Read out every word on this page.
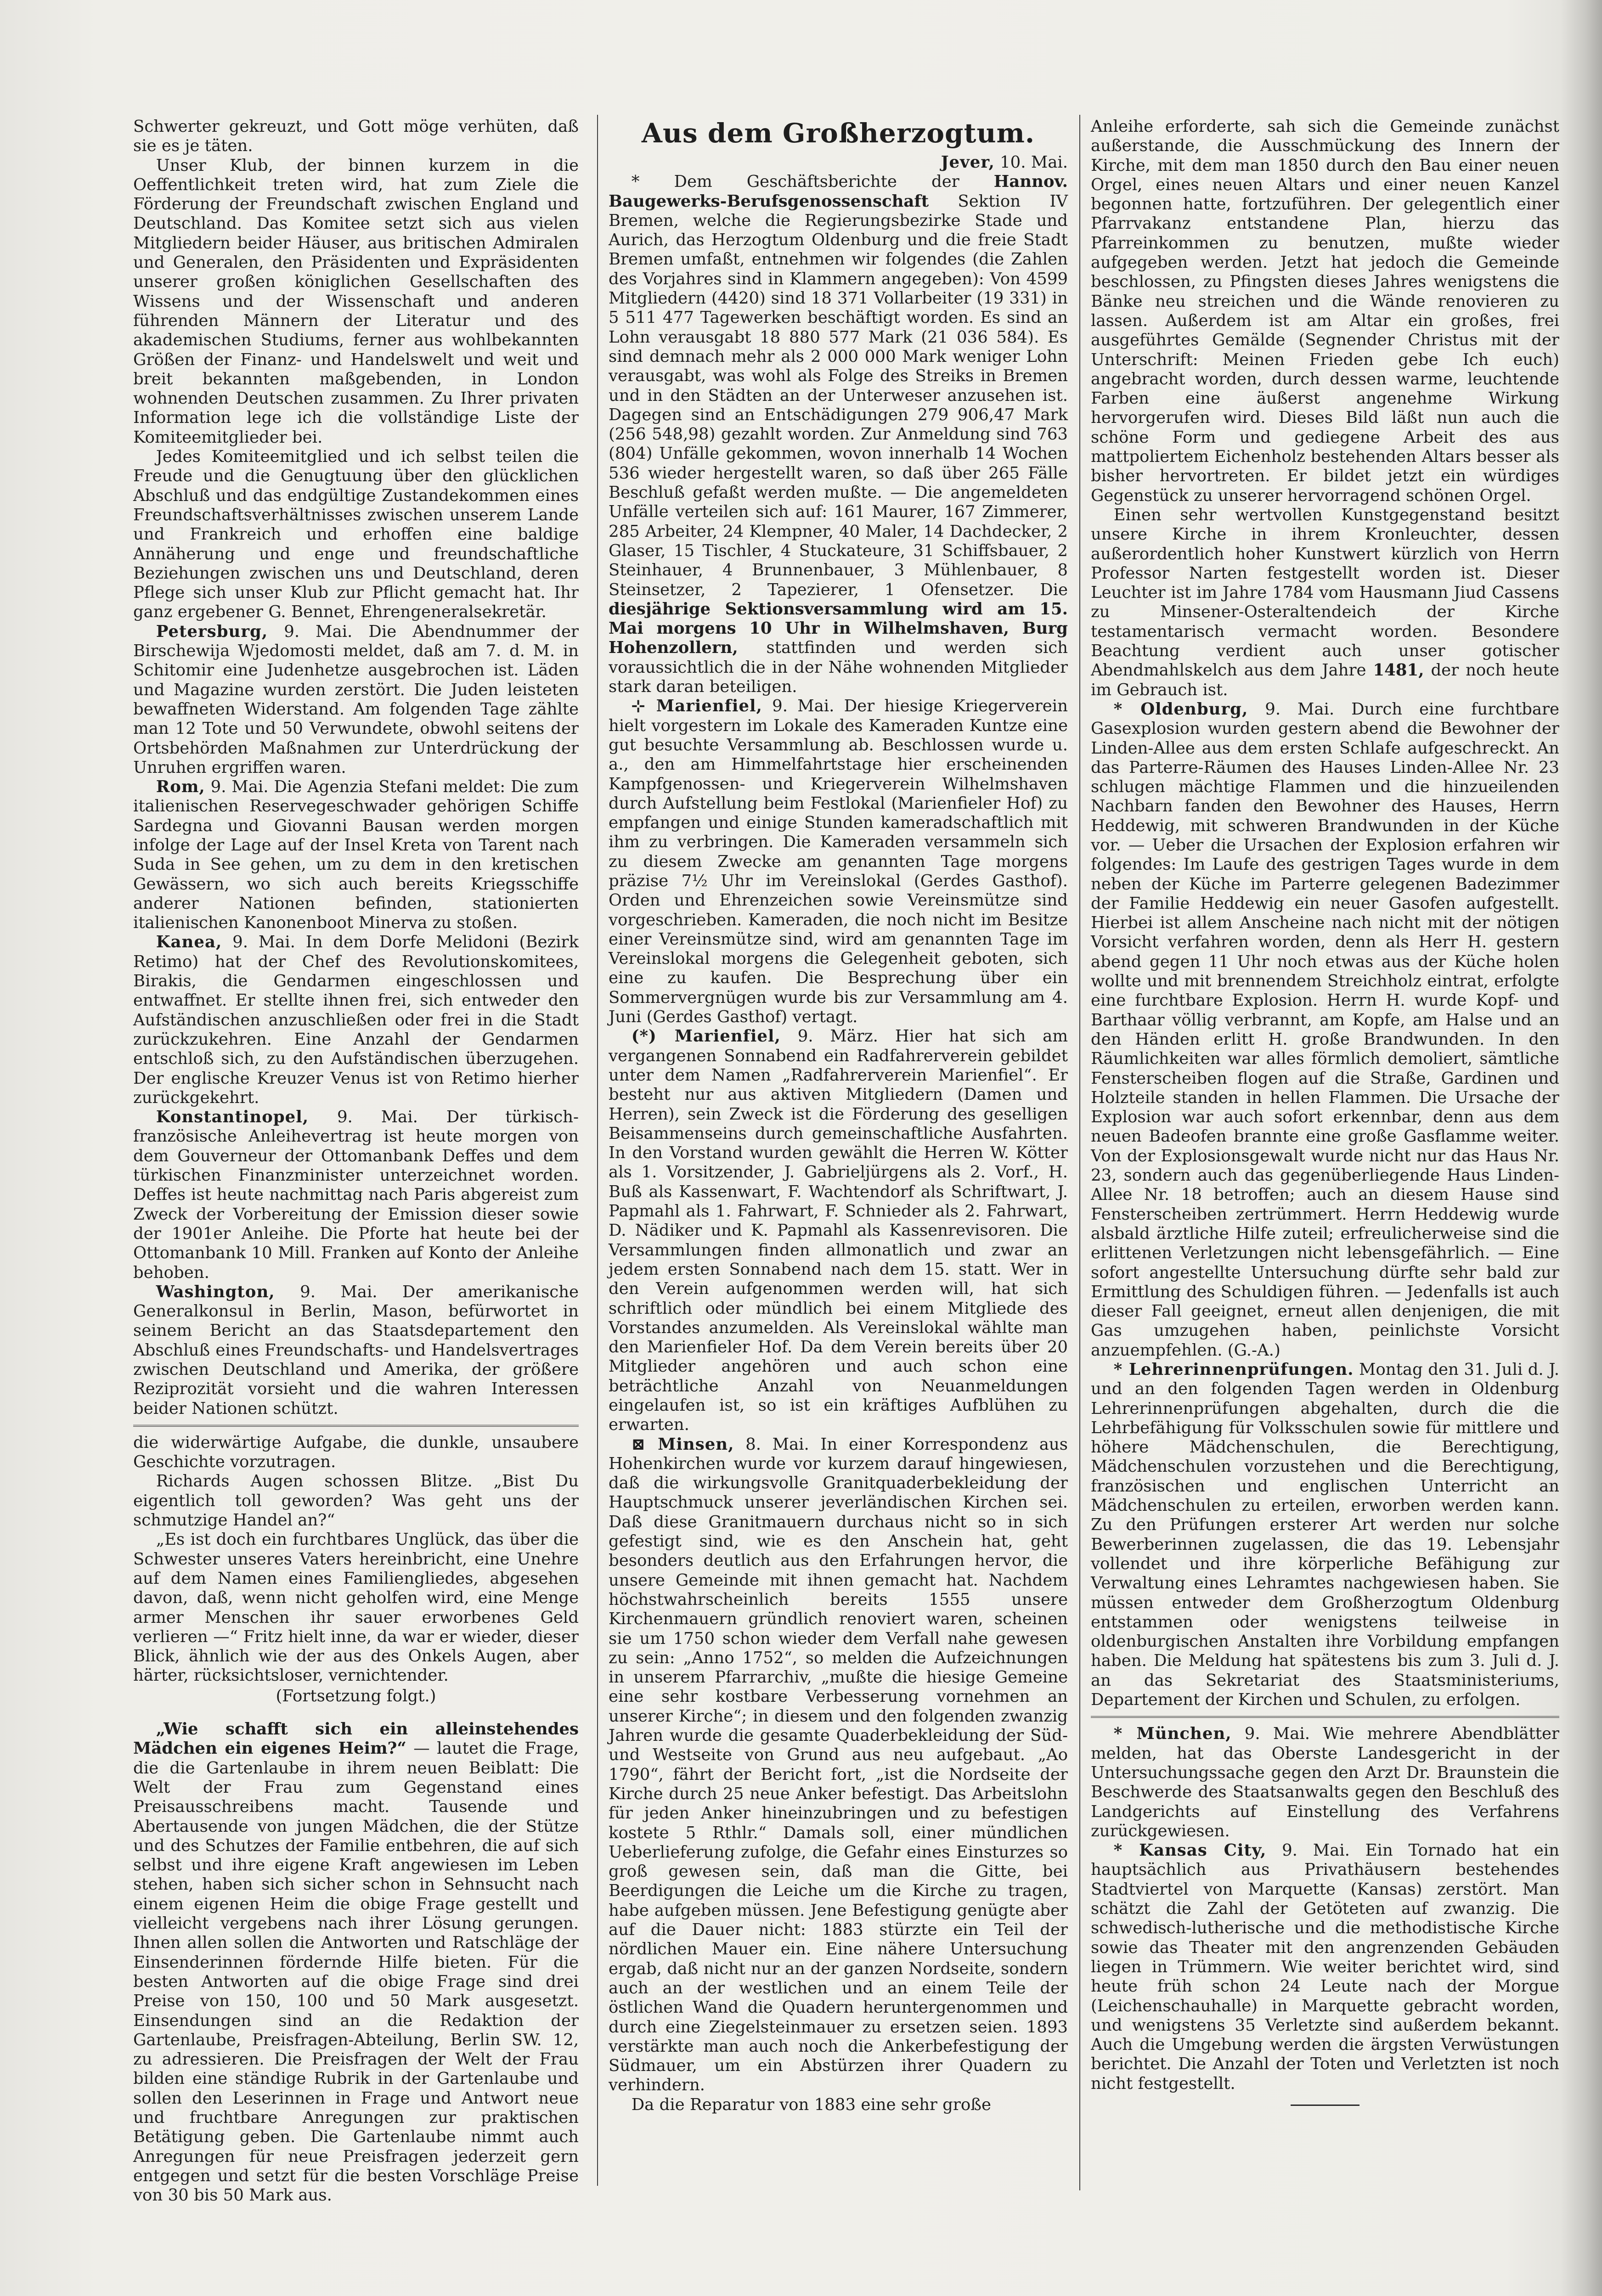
Schwerter gekreuzt, und Gott möge verhüten, daß sie es je täten.

Unser Klub, der binnen kurzem in die Oeffentlichkeit treten wird, hat zum Ziele die Förderung der Freundschaft zwischen England und Deutschland. Das Komitee setzt sich aus vielen Mitgliedern beider Häuser, aus britischen Admiralen und Generalen, den Präsidenten und Expräsidenten unserer großen königlichen Gesellschaften des Wissens und der Wissenschaft und anderen führenden Männern der Literatur und des akademischen Studiums, ferner aus wohlbekannten Größen der Finanz- und Handelswelt und weit und breit bekannten maßgebenden, in London wohnenden Deutschen zusammen. Zu Ihrer privaten Information lege ich die vollständige Liste der Komiteemitglieder bei.

Jedes Komiteemitglied und ich selbst teilen die Freude und die Genugtuung über den glücklichen Abschluß und das endgültige Zustandekommen eines Freundschaftsverhältnisses zwischen unserem Lande und Frankreich und erhoffen eine baldige Annäherung und enge und freundschaftliche Beziehungen zwischen uns und Deutschland, deren Pflege sich unser Klub zur Pflicht gemacht hat. Ihr ganz ergebener G. Bennet, Ehrengeneralsekretär.

Petersburg, 9. Mai. Die Abendnummer der Birschewija Wjedomosti meldet, daß am 7. d. M. in Schitomir eine Judenhetze ausgebrochen ist. Läden und Magazine wurden zerstört. Die Juden leisteten bewaffneten Widerstand. Am folgenden Tage zählte man 12 Tote und 50 Verwundete, obwohl seitens der Ortsbehörden Maßnahmen zur Unterdrückung der Unruhen ergriffen waren.

Rom, 9. Mai. Die Agenzia Stefani meldet: Die zum italienischen Reservegeschwader gehörigen Schiffe Sardegna und Giovanni Bausan werden morgen infolge der Lage auf der Insel Kreta von Tarent nach Suda in See gehen, um zu dem in den kretischen Gewässern, wo sich auch bereits Kriegsschiffe anderer Nationen befinden, stationierten italienischen Kanonenboot Minerva zu stoßen.

Kanea, 9. Mai. In dem Dorfe Melidoni (Bezirk Retimo) hat der Chef des Revolutionskomitees, Birakis, die Gendarmen eingeschlossen und entwaffnet. Er stellte ihnen frei, sich entweder den Aufständischen anzuschließen oder frei in die Stadt zurückzukehren. Eine Anzahl der Gendarmen entschloß sich, zu den Aufständischen überzugehen. Der englische Kreuzer Venus ist von Retimo hierher zurückgekehrt.

Konstantinopel, 9. Mai. Der türkisch-französische Anleihevertrag ist heute morgen von dem Gouverneur der Ottomanbank Deffes und dem türkischen Finanzminister unterzeichnet worden. Deffes ist heute nachmittag nach Paris abgereist zum Zweck der Vorbereitung der Emission dieser sowie der 1901er Anleihe. Die Pforte hat heute bei der Ottomanbank 10 Mill. Franken auf Konto der Anleihe behoben.

Washington, 9. Mai. Der amerikanische Generalkonsul in Berlin, Mason, befürwortet in seinem Bericht an das Staatsdepartement den Abschluß eines Freundschafts- und Handelsvertrages zwischen Deutschland und Amerika, der größere Reziprozität vorsieht und die wahren Interessen beider Nationen schützt.

die widerwärtige Aufgabe, die dunkle, unsaubere Geschichte vorzutragen.

Richards Augen schossen Blitze. „Bist Du eigentlich toll geworden? Was geht uns der schmutzige Handel an?“

„Es ist doch ein furchtbares Unglück, das über die Schwester unseres Vaters hereinbricht, eine Unehre auf dem Namen eines Familiengliedes, abgesehen davon, daß, wenn nicht geholfen wird, eine Menge armer Menschen ihr sauer erworbenes Geld verlieren —“ Fritz hielt inne, da war er wieder, dieser Blick, ähnlich wie der aus des Onkels Augen, aber härter, rücksichtsloser, vernichtender.

(Fortsetzung folgt.)

„Wie schafft sich ein alleinstehendes Mädchen ein eigenes Heim?“ — lautet die Frage, die die Gartenlaube in ihrem neuen Beiblatt: Die Welt der Frau zum Gegenstand eines Preisausschreibens macht. Tausende und Abertausende von jungen Mädchen, die der Stütze und des Schutzes der Familie entbehren, die auf sich selbst und ihre eigene Kraft angewiesen im Leben stehen, haben sich sicher schon in Sehnsucht nach einem eigenen Heim die obige Frage gestellt und vielleicht vergebens nach ihrer Lösung gerungen. Ihnen allen sollen die Antworten und Ratschläge der Einsenderinnen fördernde Hilfe bieten. Für die besten Antworten auf die obige Frage sind drei Preise von 150, 100 und 50 Mark ausgesetzt. Einsendungen sind an die Redaktion der Gartenlaube, Preisfragen-Abteilung, Berlin SW. 12, zu adressieren. Die Preisfragen der Welt der Frau bilden eine ständige Rubrik in der Gartenlaube und sollen den Leserinnen in Frage und Antwort neue und fruchtbare Anregungen zur praktischen Betätigung geben. Die Gartenlaube nimmt auch Anregungen für neue Preisfragen jederzeit gern entgegen und setzt für die besten Vorschläge Preise von 30 bis 50 Mark aus.

Aus dem Großherzogtum.

Jever, 10. Mai.

* Dem Geschäftsberichte der Hannov. Baugewerks-Berufsgenossenschaft Sektion IV Bremen, welche die Regierungsbezirke Stade und Aurich, das Herzogtum Oldenburg und die freie Stadt Bremen umfaßt, entnehmen wir folgendes (die Zahlen des Vorjahres sind in Klammern angegeben): Von 4599 Mitgliedern (4420) sind 18 371 Vollarbeiter (19 331) in 5 511 477 Tagewerken beschäftigt worden. Es sind an Lohn verausgabt 18 880 577 Mark (21 036 584). Es sind demnach mehr als 2 000 000 Mark weniger Lohn verausgabt, was wohl als Folge des Streiks in Bremen und in den Städten an der Unterweser anzusehen ist. Dagegen sind an Entschädigungen 279 906,47 Mark (256 548,98) gezahlt worden. Zur Anmeldung sind 763 (804) Unfälle gekommen, wovon innerhalb 14 Wochen 536 wieder hergestellt waren, so daß über 265 Fälle Beschluß gefaßt werden mußte. — Die angemeldeten Unfälle verteilen sich auf: 161 Maurer, 167 Zimmerer, 285 Arbeiter, 24 Klempner, 40 Maler, 14 Dachdecker, 2 Glaser, 15 Tischler, 4 Stuckateure, 31 Schiffsbauer, 2 Steinhauer, 4 Brunnenbauer, 3 Mühlenbauer, 8 Steinsetzer, 2 Tapezierer, 1 Ofensetzer. Die diesjährige Sektionsversammlung wird am 15. Mai morgens 10 Uhr in Wilhelmshaven, Burg Hohenzollern, stattfinden und werden sich voraussichtlich die in der Nähe wohnenden Mitglieder stark daran beteiligen.

⊹ Marienfiel, 9. Mai. Der hiesige Kriegerverein hielt vorgestern im Lokale des Kameraden Kuntze eine gut besuchte Versammlung ab. Beschlossen wurde u. a., den am Himmelfahrtstage hier erscheinenden Kampfgenossen- und Kriegerverein Wilhelmshaven durch Aufstellung beim Festlokal (Marienfieler Hof) zu empfangen und einige Stunden kameradschaftlich mit ihm zu verbringen. Die Kameraden versammeln sich zu diesem Zwecke am genannten Tage morgens präzise 7½ Uhr im Vereinslokal (Gerdes Gasthof). Orden und Ehrenzeichen sowie Vereinsmütze sind vorgeschrieben. Kameraden, die noch nicht im Besitze einer Vereinsmütze sind, wird am genannten Tage im Vereinslokal morgens die Gelegenheit geboten, sich eine zu kaufen. Die Besprechung über ein Sommervergnügen wurde bis zur Versammlung am 4. Juni (Gerdes Gasthof) vertagt.

(*) Marienfiel, 9. März. Hier hat sich am vergangenen Sonnabend ein Radfahrerverein gebildet unter dem Namen „Radfahrerverein Marienfiel“. Er besteht nur aus aktiven Mitgliedern (Damen und Herren), sein Zweck ist die Förderung des geselligen Beisammenseins durch gemeinschaftliche Ausfahrten. In den Vorstand wurden gewählt die Herren W. Kötter als 1. Vorsitzender, J. Gabrieljürgens als 2. Vorf., H. Buß als Kassenwart, F. Wachtendorf als Schriftwart, J. Papmahl als 1. Fahrwart, F. Schnieder als 2. Fahrwart, D. Nädiker und K. Papmahl als Kassenrevisoren. Die Versammlungen finden allmonatlich und zwar an jedem ersten Sonnabend nach dem 15. statt. Wer in den Verein aufgenommen werden will, hat sich schriftlich oder mündlich bei einem Mitgliede des Vorstandes anzumelden. Als Vereinslokal wählte man den Marienfieler Hof. Da dem Verein bereits über 20 Mitglieder angehören und auch schon eine beträchtliche Anzahl von Neuanmeldungen eingelaufen ist, so ist ein kräftiges Aufblühen zu erwarten.

⊠ Minsen, 8. Mai. In einer Korrespondenz aus Hohenkirchen wurde vor kurzem darauf hingewiesen, daß die wirkungsvolle Granitquaderbekleidung der Hauptschmuck unserer jeverländischen Kirchen sei. Daß diese Granitmauern durchaus nicht so in sich gefestigt sind, wie es den Anschein hat, geht besonders deutlich aus den Erfahrungen hervor, die unsere Gemeinde mit ihnen gemacht hat. Nachdem höchstwahrscheinlich bereits 1555 unsere Kirchenmauern gründlich renoviert waren, scheinen sie um 1750 schon wieder dem Verfall nahe gewesen zu sein: „Anno 1752“, so melden die Aufzeichnungen in unserem Pfarrarchiv, „mußte die hiesige Gemeine eine sehr kostbare Verbesserung vornehmen an unserer Kirche“; in diesem und den folgenden zwanzig Jahren wurde die gesamte Quaderbekleidung der Süd- und Westseite von Grund aus neu aufgebaut. „Ao 1790“, fährt der Bericht fort, „ist die Nordseite der Kirche durch 25 neue Anker befestigt. Das Arbeitslohn für jeden Anker hineinzubringen und zu befestigen kostete 5 Rthlr.“ Damals soll, einer mündlichen Ueberlieferung zufolge, die Gefahr eines Einsturzes so groß gewesen sein, daß man die Gitte, bei Beerdigungen die Leiche um die Kirche zu tragen, habe aufgeben müssen. Jene Befestigung genügte aber auf die Dauer nicht: 1883 stürzte ein Teil der nördlichen Mauer ein. Eine nähere Untersuchung ergab, daß nicht nur an der ganzen Nordseite, sondern auch an der westlichen und an einem Teile der östlichen Wand die Quadern heruntergenommen und durch eine Ziegelsteinmauer zu ersetzen seien. 1893 verstärkte man auch noch die Ankerbefestigung der Südmauer, um ein Abstürzen ihrer Quadern zu verhindern.

Da die Reparatur von 1883 eine sehr große

Anleihe erforderte, sah sich die Gemeinde zunächst außerstande, die Ausschmückung des Innern der Kirche, mit dem man 1850 durch den Bau einer neuen Orgel, eines neuen Altars und einer neuen Kanzel begonnen hatte, fortzuführen. Der gelegentlich einer Pfarrvakanz entstandene Plan, hierzu das Pfarreinkommen zu benutzen, mußte wieder aufgegeben werden. Jetzt hat jedoch die Gemeinde beschlossen, zu Pfingsten dieses Jahres wenigstens die Bänke neu streichen und die Wände renovieren zu lassen. Außerdem ist am Altar ein großes, frei ausgeführtes Gemälde (Segnender Christus mit der Unterschrift: Meinen Frieden gebe Ich euch) angebracht worden, durch dessen warme, leuchtende Farben eine äußerst angenehme Wirkung hervorgerufen wird. Dieses Bild läßt nun auch die schöne Form und gediegene Arbeit des aus mattpoliertem Eichenholz bestehenden Altars besser als bisher hervortreten. Er bildet jetzt ein würdiges Gegenstück zu unserer hervorragend schönen Orgel.

Einen sehr wertvollen Kunstgegenstand besitzt unsere Kirche in ihrem Kronleuchter, dessen außerordentlich hoher Kunstwert kürzlich von Herrn Professor Narten festgestellt worden ist. Dieser Leuchter ist im Jahre 1784 vom Hausmann Jiud Cassens zu Minsener-Osteraltendeich der Kirche testamentarisch vermacht worden. Besondere Beachtung verdient auch unser gotischer Abendmahlskelch aus dem Jahre 1481, der noch heute im Gebrauch ist.

* Oldenburg, 9. Mai. Durch eine furchtbare Gasexplosion wurden gestern abend die Bewohner der Linden-Allee aus dem ersten Schlafe aufgeschreckt. An das Parterre-Räumen des Hauses Linden-Allee Nr. 23 schlugen mächtige Flammen und die hinzueilenden Nachbarn fanden den Bewohner des Hauses, Herrn Heddewig, mit schweren Brandwunden in der Küche vor. — Ueber die Ursachen der Explosion erfahren wir folgendes: Im Laufe des gestrigen Tages wurde in dem neben der Küche im Parterre gelegenen Badezimmer der Familie Heddewig ein neuer Gasofen aufgestellt. Hierbei ist allem Anscheine nach nicht mit der nötigen Vorsicht verfahren worden, denn als Herr H. gestern abend gegen 11 Uhr noch etwas aus der Küche holen wollte und mit brennendem Streichholz eintrat, erfolgte eine furchtbare Explosion. Herrn H. wurde Kopf- und Barthaar völlig verbrannt, am Kopfe, am Halse und an den Händen erlitt H. große Brandwunden. In den Räumlichkeiten war alles förmlich demoliert, sämtliche Fensterscheiben flogen auf die Straße, Gardinen und Holzteile standen in hellen Flammen. Die Ursache der Explosion war auch sofort erkennbar, denn aus dem neuen Badeofen brannte eine große Gasflamme weiter. Von der Explosionsgewalt wurde nicht nur das Haus Nr. 23, sondern auch das gegenüberliegende Haus Linden-Allee Nr. 18 betroffen; auch an diesem Hause sind Fensterscheiben zertrümmert. Herrn Heddewig wurde alsbald ärztliche Hilfe zuteil; erfreulicherweise sind die erlittenen Verletzungen nicht lebensgefährlich. — Eine sofort angestellte Untersuchung dürfte sehr bald zur Ermittlung des Schuldigen führen. — Jedenfalls ist auch dieser Fall geeignet, erneut allen denjenigen, die mit Gas umzugehen haben, peinlichste Vorsicht anzuempfehlen. (G.-A.)

* Lehrerinnenprüfungen. Montag den 31. Juli d. J. und an den folgenden Tagen werden in Oldenburg Lehrerinnenprüfungen abgehalten, durch die die Lehrbefähigung für Volksschulen sowie für mittlere und höhere Mädchenschulen, die Berechtigung, Mädchenschulen vorzustehen und die Berechtigung, französischen und englischen Unterricht an Mädchenschulen zu erteilen, erworben werden kann. Zu den Prüfungen ersterer Art werden nur solche Bewerberinnen zugelassen, die das 19. Lebensjahr vollendet und ihre körperliche Befähigung zur Verwaltung eines Lehramtes nachgewiesen haben. Sie müssen entweder dem Großherzogtum Oldenburg entstammen oder wenigstens teilweise in oldenburgischen Anstalten ihre Vorbildung empfangen haben. Die Meldung hat spätestens bis zum 3. Juli d. J. an das Sekretariat des Staatsministeriums, Departement der Kirchen und Schulen, zu erfolgen.

* München, 9. Mai. Wie mehrere Abendblätter melden, hat das Oberste Landesgericht in der Untersuchungssache gegen den Arzt Dr. Braunstein die Beschwerde des Staatsanwalts gegen den Beschluß des Landgerichts auf Einstellung des Verfahrens zurückgewiesen.

* Kansas City, 9. Mai. Ein Tornado hat ein hauptsächlich aus Privathäusern bestehendes Stadtviertel von Marquette (Kansas) zerstört. Man schätzt die Zahl der Getöteten auf zwanzig. Die schwedisch-lutherische und die methodistische Kirche sowie das Theater mit den angrenzenden Gebäuden liegen in Trümmern. Wie weiter berichtet wird, sind heute früh schon 24 Leute nach der Morgue (Leichenschauhalle) in Marquette gebracht worden, und wenigstens 35 Verletzte sind außerdem bekannt. Auch die Umgebung werden die ärgsten Verwüstungen berichtet. Die Anzahl der Toten und Verletzten ist noch nicht festgestellt.
